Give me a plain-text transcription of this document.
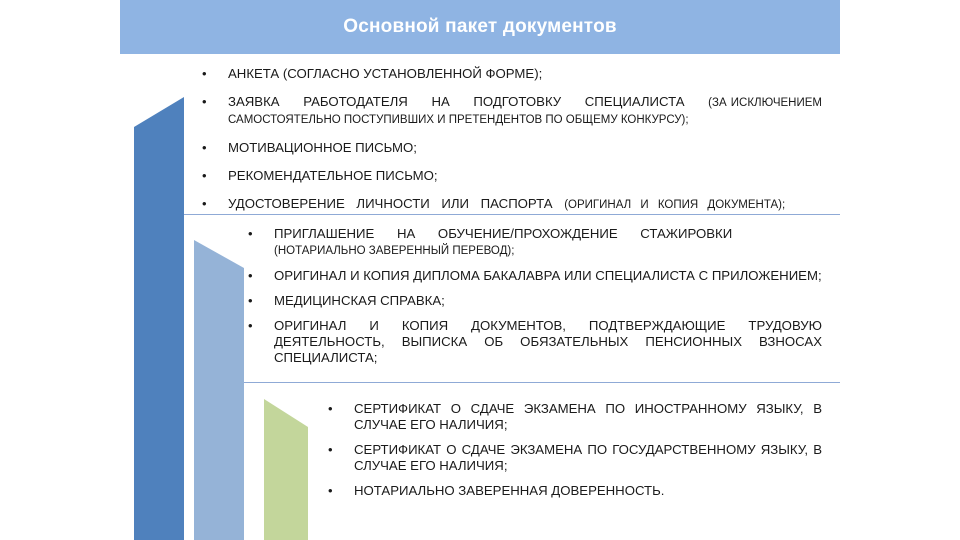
Основной пакет документов
• АНКЕТА (СОГЛАСНО УСТАНОВЛЕННОЙ ФОРМЕ);
• ЗАЯВКА РАБОТОДАТЕЛЯ НА ПОДГОТОВКУ СПЕЦИАЛИСТА (ЗА ИСКЛЮЧЕНИЕМ САМОСТОЯТЕЛЬНО ПОСТУПИВШИХ И ПРЕТЕНДЕНТОВ ПО ОБЩЕМУ КОНКУРСУ);
• МОТИВАЦИОННОЕ ПИСЬМО;
• РЕКОМЕНДАТЕЛЬНОЕ ПИСЬМО;
• УДОСТОВЕРЕНИЕ ЛИЧНОСТИ ИЛИ ПАСПОРТА (ОРИГИНАЛ И КОПИЯ ДОКУМЕНТА);
• ПРИГЛАШЕНИЕ НА ОБУЧЕНИЕ/ПРОХОЖДЕНИЕ СТАЖИРОВКИ
(НОТАРИАЛЬНО ЗАВЕРЕННЫЙ ПЕРЕВОД);
• ОРИГИНАЛ И КОПИЯ ДИПЛОМА БАКАЛАВРА ИЛИ СПЕЦИАЛИСТА С ПРИЛОЖЕНИЕМ;
• МЕДИЦИНСКАЯ СПРАВКА;
• ОРИГИНАЛ И КОПИЯ ДОКУМЕНТОВ, ПОДТВЕРЖДАЮЩИЕ ТРУДОВУЮ ДЕЯТЕЛЬНОСТЬ, ВЫПИСКА ОБ ОБЯЗАТЕЛЬНЫХ ПЕНСИОННЫХ ВЗНОСАХ СПЕЦИАЛИСТА;
• СЕРТИФИКАТ О СДАЧЕ ЭКЗАМЕНА ПО ИНОСТРАННОМУ ЯЗЫКУ, В СЛУЧАЕ ЕГО НАЛИЧИЯ;
• СЕРТИФИКАТ О СДАЧЕ ЭКЗАМЕНА ПО ГОСУДАРСТВЕННОМУ ЯЗЫКУ, В СЛУЧАЕ ЕГО НАЛИЧИЯ;
• НОТАРИАЛЬНО ЗАВЕРЕННАЯ ДОВЕРЕННОСТЬ.
